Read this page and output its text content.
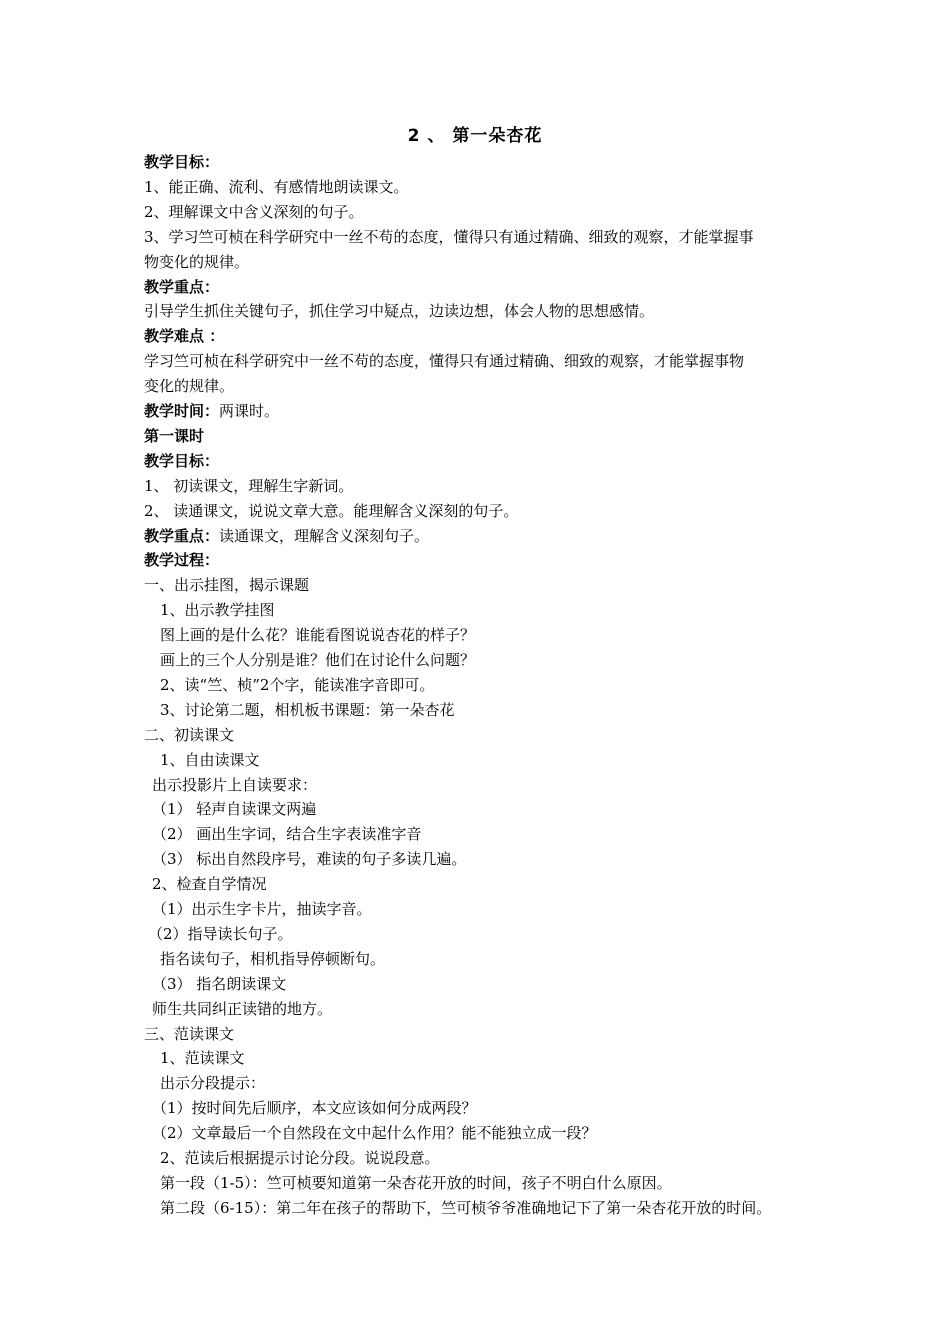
2 、 第一朵杏花
教学目标：
1、能正确、流利、有感情地朗读课文。
2、理解课文中含义深刻的句子。
3、学习竺可桢在科学研究中一丝不苟的态度，懂得只有通过精确、细致的观察，才能掌握事
物变化的规律。
教学重点：
引导学生抓住关键句子，抓住学习中疑点，边读边想，体会人物的思想感情。
教学难点 ：
学习竺可桢在科学研究中一丝不苟的态度，懂得只有通过精确、细致的观察，才能掌握事物
变化的规律。
教学时间：两课时。
第一课时
教学目标：
1、 初读课文，理解生字新词。
2、 读通课文，说说文章大意。能理解含义深刻的句子。
教学重点：读通课文，理解含义深刻句子。
教学过程：
一、出示挂图，揭示课题
1、出示教学挂图
图上画的是什么花？谁能看图说说杏花的样子？
画上的三个人分别是谁？他们在讨论什么问题？
2、读“竺、桢”2个字，能读准字音即可。
3、讨论第二题，相机板书课题：第一朵杏花
二、初读课文
1、自由读课文
出示投影片上自读要求：
（1） 轻声自读课文两遍
（2） 画出生字词，结合生字表读准字音
（3） 标出自然段序号，难读的句子多读几遍。
2、检查自学情况
（1）出示生字卡片，抽读字音。
（2）指导读长句子。
指名读句子，相机指导停顿断句。
（3） 指名朗读课文
师生共同纠正读错的地方。
三、范读课文
1、范读课文
出示分段提示：
（1）按时间先后顺序，本文应该如何分成两段？
（2）文章最后一个自然段在文中起什么作用？能不能独立成一段？
2、范读后根据提示讨论分段。说说段意。
第一段（1-5）：竺可桢要知道第一朵杏花开放的时间，孩子不明白什么原因。
第二段（6-15）：第二年在孩子的帮助下，竺可桢爷爷准确地记下了第一朵杏花开放的时间。
